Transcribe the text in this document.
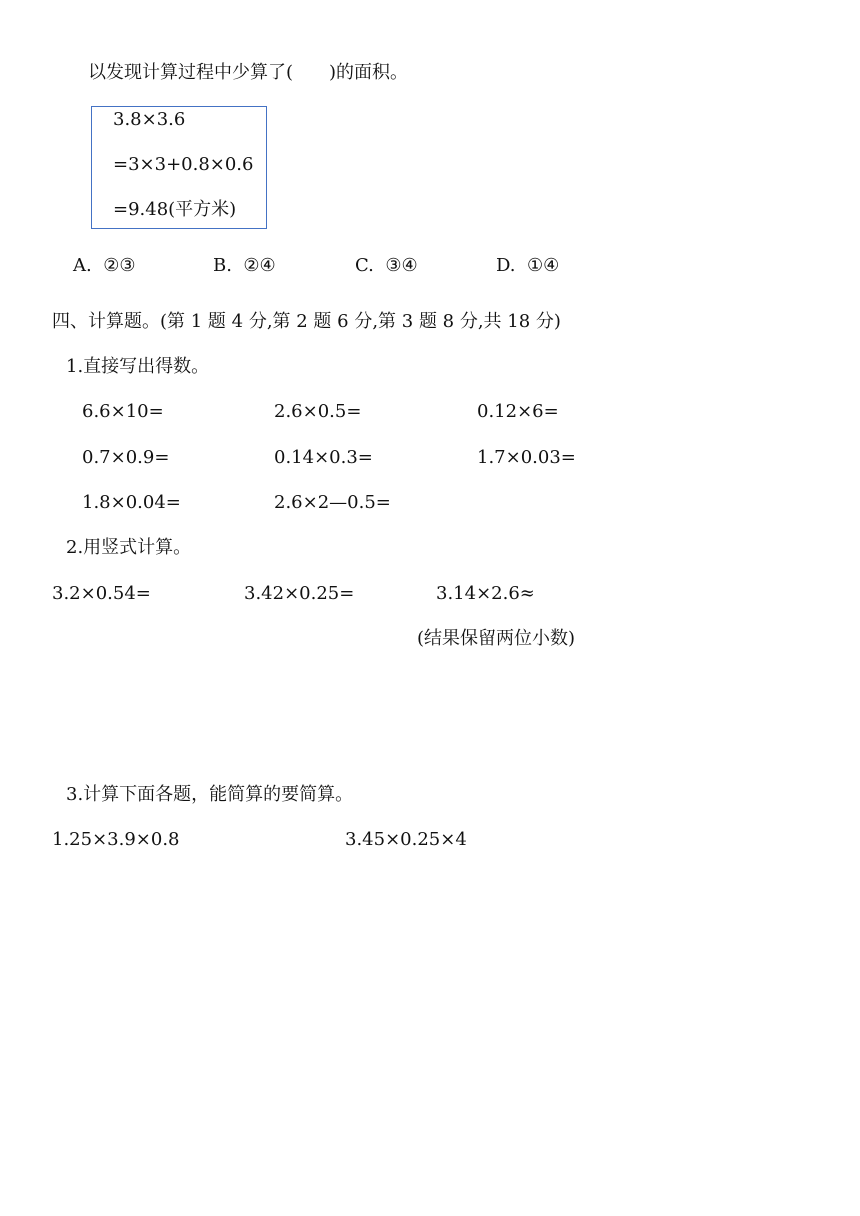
以发现计算过程中少算了(　　)的面积。
3.8×3.6
=3×3+0.8×0.6
=9.48(平方米)
A. ②③	B. ②④	C. ③④	D. ①④
四、计算题。(第 1 题 4 分,第 2 题 6 分,第 3 题 8 分,共 18 分)
1.直接写出得数。
6.6×10=	2.6×0.5=	0.12×6=
0.7×0.9=	0.14×0.3=	1.7×0.03=
1.8×0.04=	2.6×2—0.5=
2.用竖式计算。
3.2×0.54=	3.42×0.25=	3.14×2.6≈
(结果保留两位小数)
3.计算下面各题，能简算的要简算。
1.25×3.9×0.8	3.45×0.25×4
